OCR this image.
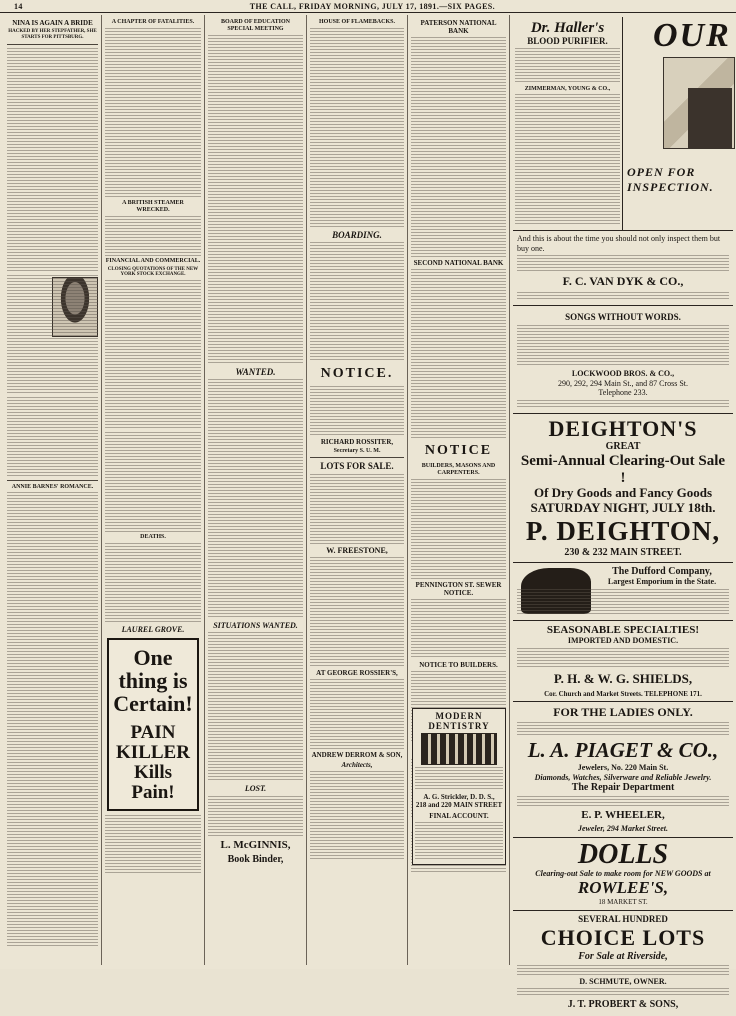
14	THE CALL, FRIDAY MORNING, JULY 17, 1891.—SIX PAGES.
NINA IS AGAIN A BRIDE
HACKED BY HER STEPFATHER, SHE STARTS FOR PITTSBURG.
ANNIE BARNES' ROMANCE.
A CHAPTER OF FATALITIES.
A BRITISH STEAMER WRECKED.
FINANCIAL AND COMMERCIAL.
CLOSING QUOTATIONS OF THE NEW YORK STOCK EXCHANGE.
DEATHS.
LAUREL GROVE.
One thing is Certain!
PAIN KILLER Kills Pain!
BOARD OF EDUCATION SPECIAL MEETING
WANTED.
SITUATIONS WANTED.
LOST.
L. McGINNIS,
Book Binder,
HOUSE OF FLAMEBACKS.
BOARDING.
NOTICE.
RICHARD ROSSITER,
Secretary S. U. M.
LOTS FOR SALE.
W. FREESTONE,
AT GEORGE ROSSIER'S,
ANDREW DERROM & SON,
Architects,
PATERSON NATIONAL BANK
SECOND NATIONAL BANK
NOTICE
BUILDERS, MASONS AND CARPENTERS.
PENNINGTON ST. SEWER NOTICE.
NOTICE TO BUILDERS.
Dr. Haller's
BLOOD PURIFIER.
ZIMMERMAN, YOUNG & CO.,
OUR
OPEN FOR INSPECTION.
And this is about the time you should not only inspect them but buy one.
F. C. VAN DYK & CO.,
SONGS WITHOUT WORDS.
LOCKWOOD BROS. & CO.,
290, 292, 294 Main St., and 87 Cross St.
Telephone 233.
DEIGHTON'S
GREAT
Semi-Annual Clearing-Out Sale !
Of Dry Goods and Fancy Goods
SATURDAY NIGHT, JULY 18th.
P. DEIGHTON,
230 & 232 MAIN STREET.
The Dufford Company,
Largest Emporium in the State.
SEASONABLE SPECIALTIES!
IMPORTED AND DOMESTIC.
P. H. & W. G. SHIELDS,
Cor. Church and Market Streets. TELEPHONE 171.
FOR THE LADIES ONLY.
L. A. PIAGET & CO.,
Jewelers, No. 220 Main St.
Diamonds, Watches, Silverware and Reliable Jewelry.
The Repair Department
E. P. WHEELER,
Jeweler, 294 Market Street.
DOLLS
Clearing-out Sale to make room for NEW GOODS at
ROWLEE'S,
18 MARKET ST.
SEVERAL HUNDRED
CHOICE LOTS
For Sale at Riverside,
D. SCHMUTE, OWNER.
J. T. PROBERT & SONS,
MODERN DENTISTRY
A. G. Strickler, D. D. S.,
218 and 220 MAIN STREET
FINAL ACCOUNT.
